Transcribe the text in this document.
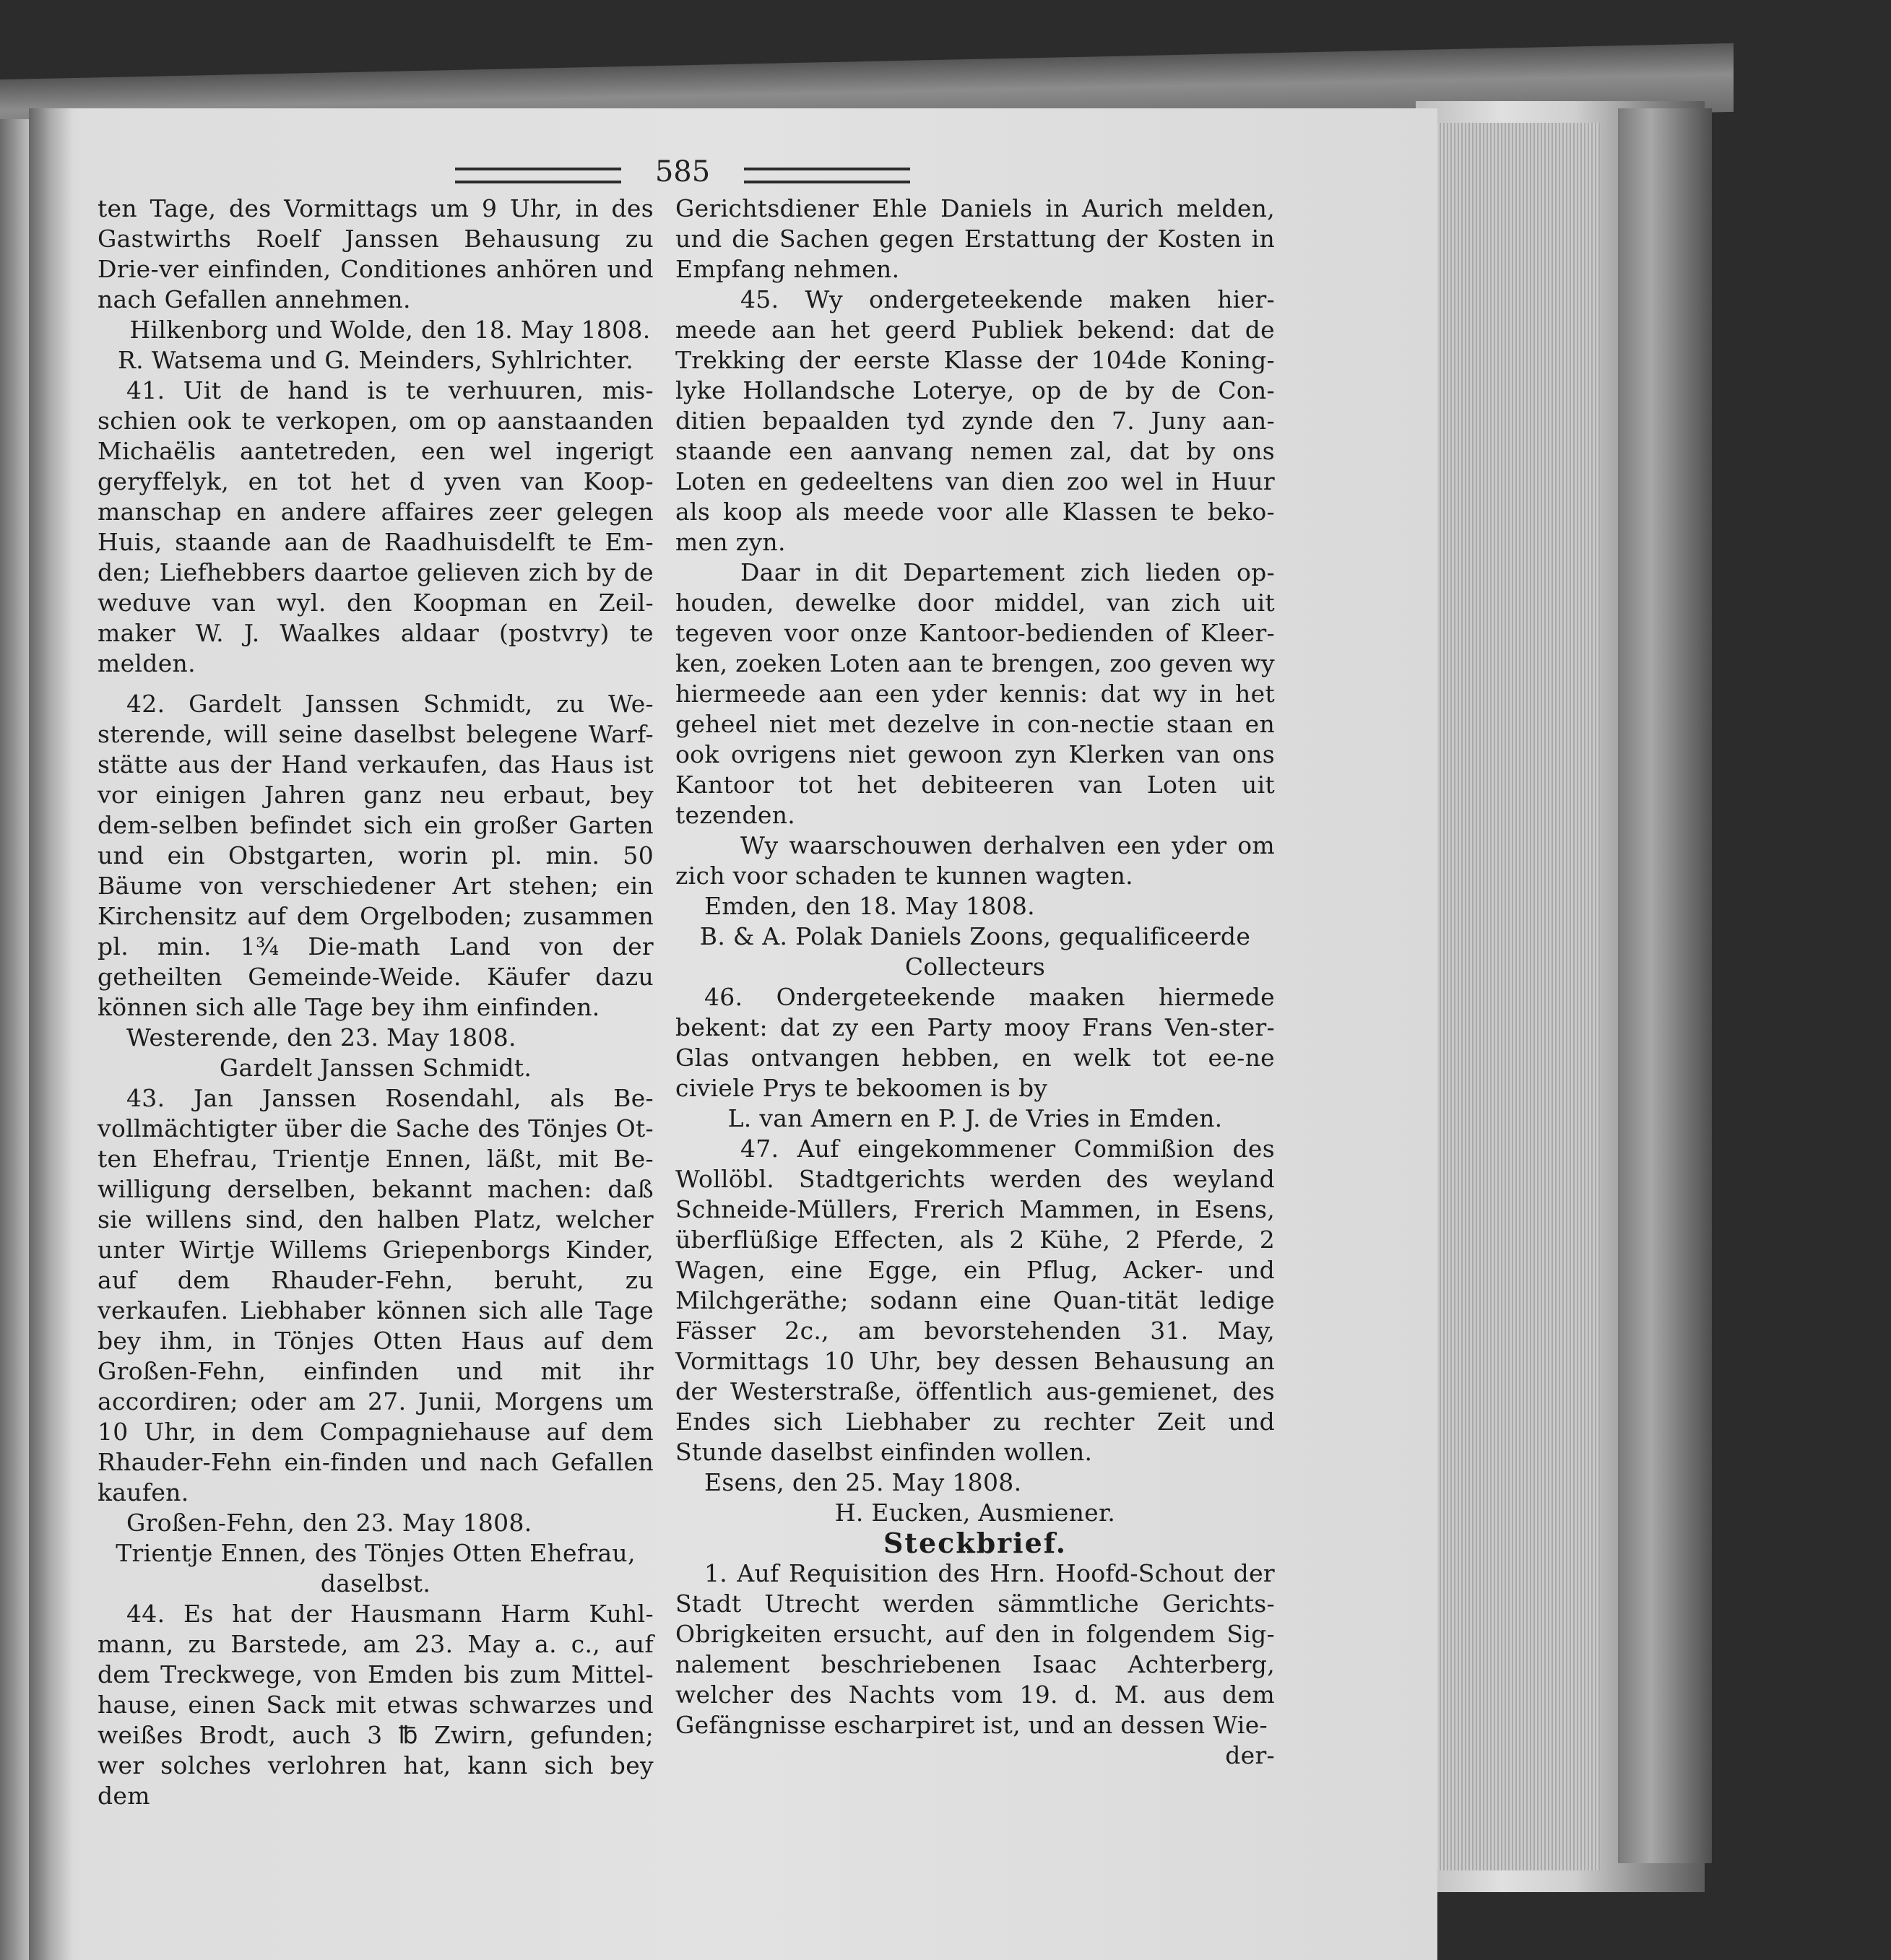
585

ten Tage, des Vormittags um 9 Uhr, in des Gastwirths Roelf Janssen Behausung zu Drie-ver einfinden, Conditiones anhören und nach Gefallen annehmen.

Hilkenborg und Wolde, den 18. May 1808.

R. Watsema und G. Meinders, Syhlrichter.

41. Uit de hand is te verhuuren, mis-schien ook te verkopen, om op aanstaanden Michaëlis aantetreden, een wel ingerigt geryffelyk, en tot het d yven van Koop-manschap en andere affaires zeer gelegen Huis, staande aan de Raadhuisdelft te Em-den; Liefhebbers daartoe gelieven zich by de weduve van wyl. den Koopman en Zeil-maker W. J. Waalkes aldaar (postvry) te melden.

42. Gardelt Janssen Schmidt, zu We-sterende, will seine daselbst belegene Warf-stätte aus der Hand verkaufen, das Haus ist vor einigen Jahren ganz neu erbaut, bey dem-selben befindet sich ein großer Garten und ein Obstgarten, worin pl. min. 50 Bäume von verschiedener Art stehen; ein Kirchensitz auf dem Orgelboden; zusammen pl. min. 1¾ Die-math Land von der getheilten Gemeinde-Weide. Käufer dazu können sich alle Tage bey ihm einfinden.

Westerende, den 23. May 1808.

Gardelt Janssen Schmidt.

43. Jan Janssen Rosendahl, als Be-vollmächtigter über die Sache des Tönjes Ot-ten Ehefrau, Trientje Ennen, läßt, mit Be-willigung derselben, bekannt machen: daß sie willens sind, den halben Platz, welcher unter Wirtje Willems Griepenborgs Kinder, auf dem Rhauder-Fehn, beruht, zu verkaufen. Liebhaber können sich alle Tage bey ihm, in Tönjes Otten Haus auf dem Großen-Fehn, einfinden und mit ihr accordiren; oder am 27. Junii, Morgens um 10 Uhr, in dem Compagniehause auf dem Rhauder-Fehn ein-finden und nach Gefallen kaufen.

Großen-Fehn, den 23. May 1808.

Trientje Ennen, des Tönjes Otten Ehefrau, daselbst.

44. Es hat der Hausmann Harm Kuhl-mann, zu Barstede, am 23. May a. c., auf dem Treckwege, von Emden bis zum Mittel-hause, einen Sack mit etwas schwarzes und weißes Brodt, auch 3 ℔ Zwirn, gefunden; wer solches verlohren hat, kann sich bey dem

Gerichtsdiener Ehle Daniels in Aurich melden, und die Sachen gegen Erstattung der Kosten in Empfang nehmen.

45. Wy ondergeteekende maken hier-meede aan het geerd Publiek bekend: dat de Trekking der eerste Klasse der 104de Koning-lyke Hollandsche Loterye, op de by de Con-ditien bepaalden tyd zynde den 7. Juny aan-staande een aanvang nemen zal, dat by ons Loten en gedeeltens van dien zoo wel in Huur als koop als meede voor alle Klassen te beko-men zyn.

Daar in dit Departement zich lieden op-houden, dewelke door middel, van zich uit tegeven voor onze Kantoor-bedienden of Kleer-ken, zoeken Loten aan te brengen, zoo geven wy hiermeede aan een yder kennis: dat wy in het geheel niet met dezelve in con-nectie staan en ook ovrigens niet gewoon zyn Klerken van ons Kantoor tot het debiteeren van Loten uit tezenden.

Wy waarschouwen derhalven een yder om zich voor schaden te kunnen wagten.

Emden, den 18. May 1808.

B. & A. Polak Daniels Zoons, gequalificeerde Collecteurs

46. Ondergeteekende maaken hiermede bekent: dat zy een Party mooy Frans Ven-ster-Glas ontvangen hebben, en welk tot ee-ne civiele Prys te bekoomen is by

L. van Amern en P. J. de Vries in Emden.

47. Auf eingekommener Commißion des Wollöbl. Stadtgerichts werden des weyland Schneide-Müllers, Frerich Mammen, in Esens, überflüßige Effecten, als 2 Kühe, 2 Pferde, 2 Wagen, eine Egge, ein Pflug, Acker- und Milchgeräthe; sodann eine Quan-tität ledige Fässer 2c., am bevorstehenden 31. May, Vormittags 10 Uhr, bey dessen Behausung an der Westerstraße, öffentlich aus-gemienet, des Endes sich Liebhaber zu rechter Zeit und Stunde daselbst einfinden wollen.

Esens, den 25. May 1808.

H. Eucken, Ausmiener.

Steckbrief.

1. Auf Requisition des Hrn. Hoofd-Schout der Stadt Utrecht werden sämmtliche Gerichts-Obrigkeiten ersucht, auf den in folgendem Sig-nalement beschriebenen Isaac Achterberg, welcher des Nachts vom 19. d. M. aus dem Gefängnisse escharpiret ist, und an dessen Wie-

der-
